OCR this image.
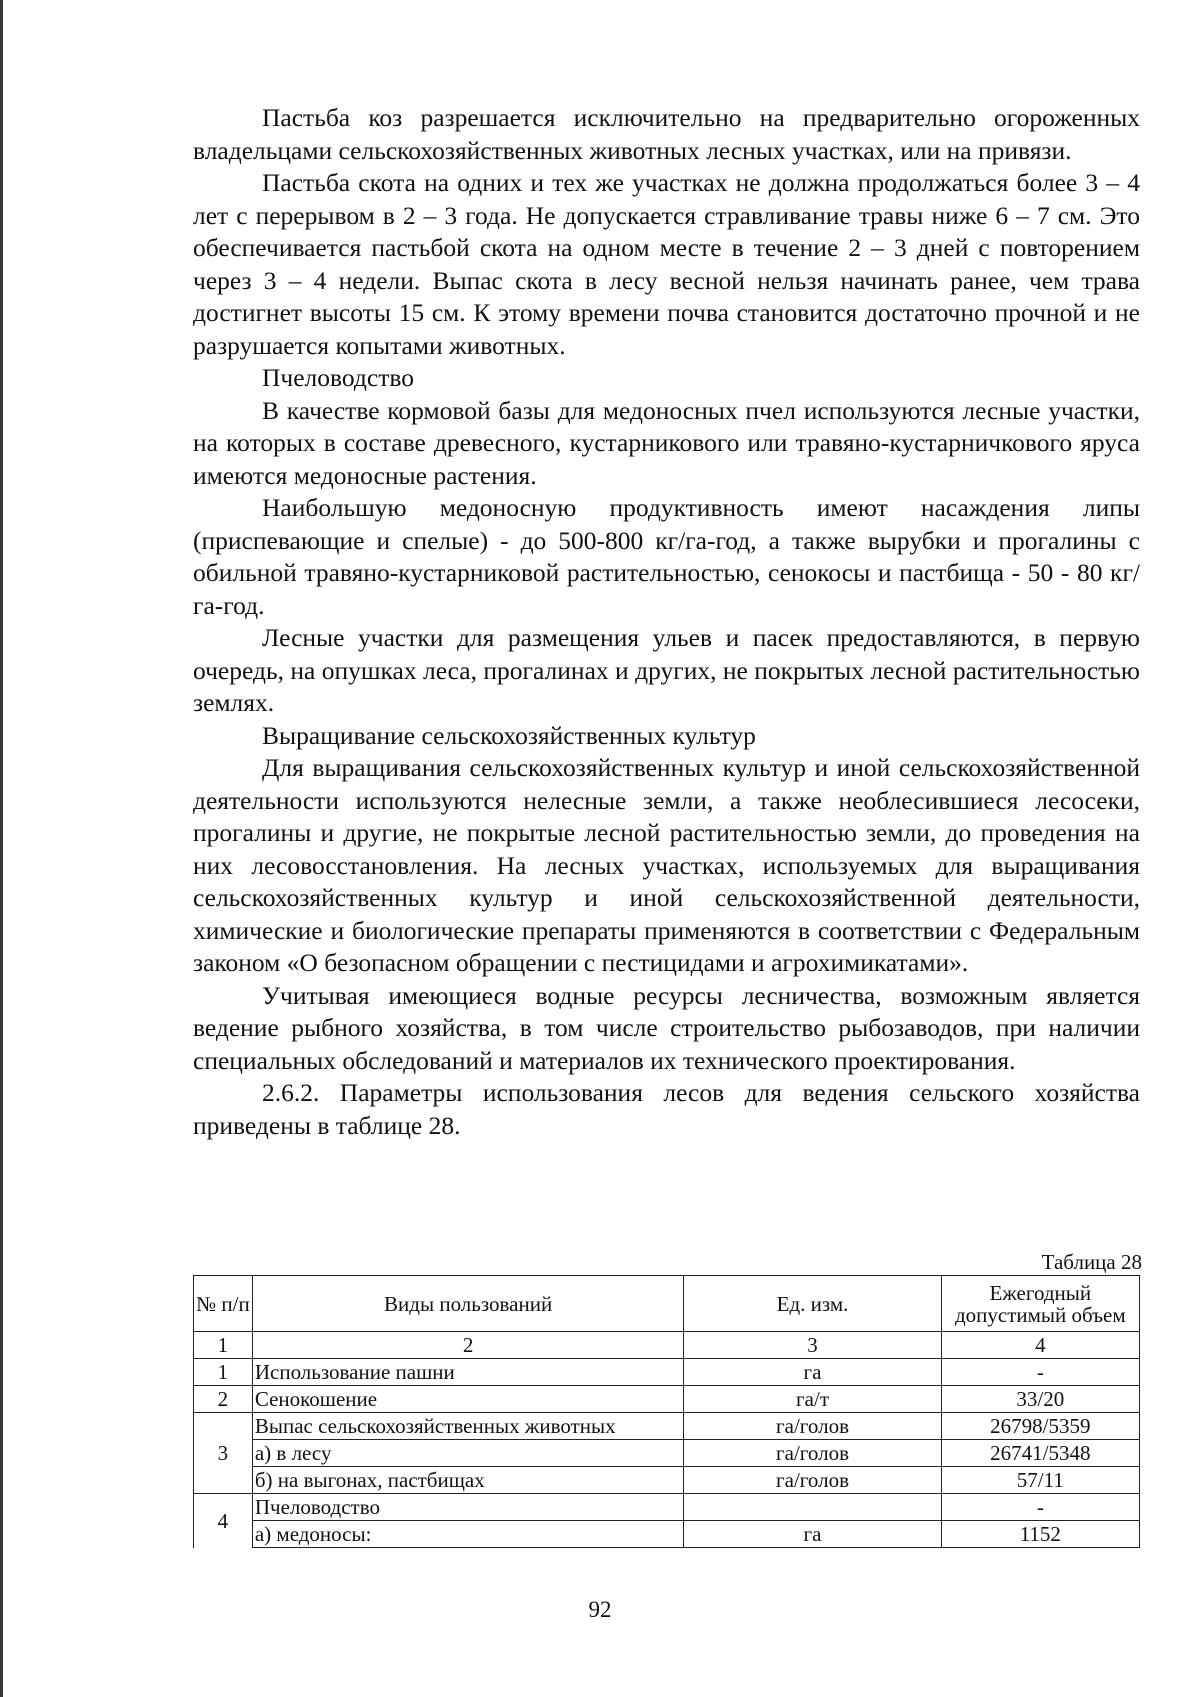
Пастьба коз разрешается исключительно на предварительно огороженных владельцами сельскохозяйственных животных лесных участках, или на привязи.

Пастьба скота на одних и тех же участках не должна продолжаться более 3 – 4 лет с перерывом в 2 – 3 года. Не допускается стравливание травы ниже 6 – 7 см. Это обеспечивается пастьбой скота на одном месте в течение 2 – 3 дней с повторением через 3 – 4 недели. Выпас скота в лесу весной нельзя начинать ранее, чем трава достигнет высоты 15 см. К этому времени почва становится достаточно прочной и не разрушается копытами животных.

Пчеловодство

В качестве кормовой базы для медоносных пчел используются лесные участки, на которых в составе древесного, кустарникового или травяно-кустарничкового яруса имеются медоносные растения.

Наибольшую медоносную продуктивность имеют насаждения липы (приспевающие и спелые) - до 500-800 кг/га-год, а также вырубки и прогалины с обильной травяно-кустарниковой растительностью, сенокосы и пастбища - 50 - 80 кг/га-год.

Лесные участки для размещения ульев и пасек предоставляются, в первую очередь, на опушках леса, прогалинах и других, не покрытых лесной растительностью землях.

Выращивание сельскохозяйственных культур

Для выращивания сельскохозяйственных культур и иной сельскохозяйственной деятельности используются нелесные земли, а также необлесившиеся лесосеки, прогалины и другие, не покрытые лесной растительностью земли, до проведения на них лесовосстановления. На лесных участках, используемых для выращивания сельскохозяйственных культур и иной сельскохозяйственной деятельности, химические и биологические препараты применяются в соответствии с Федеральным законом «О безопасном обращении с пестицидами и агрохимикатами».

Учитывая имеющиеся водные ресурсы лесничества, возможным является ведение рыбного хозяйства, в том числе строительство рыбозаводов, при наличии специальных обследований и материалов их технического проектирования.

2.6.2. Параметры использования лесов для ведения сельского хозяйства приведены в таблице 28.

Таблица 28
№ п/п	Виды пользований	Ед. изм.	Ежегодный допустимый объем
1	2	3	4
1	Использование пашни	га	-
2	Сенокошение	га/т	33/20
3	Выпас сельскохозяйственных животных	га/голов	26798/5359
	а) в лесу	га/голов	26741/5348
	б) на выгонах, пастбищах	га/голов	57/11
4	Пчеловодство		-
	а) медоносы:	га	1152
92
